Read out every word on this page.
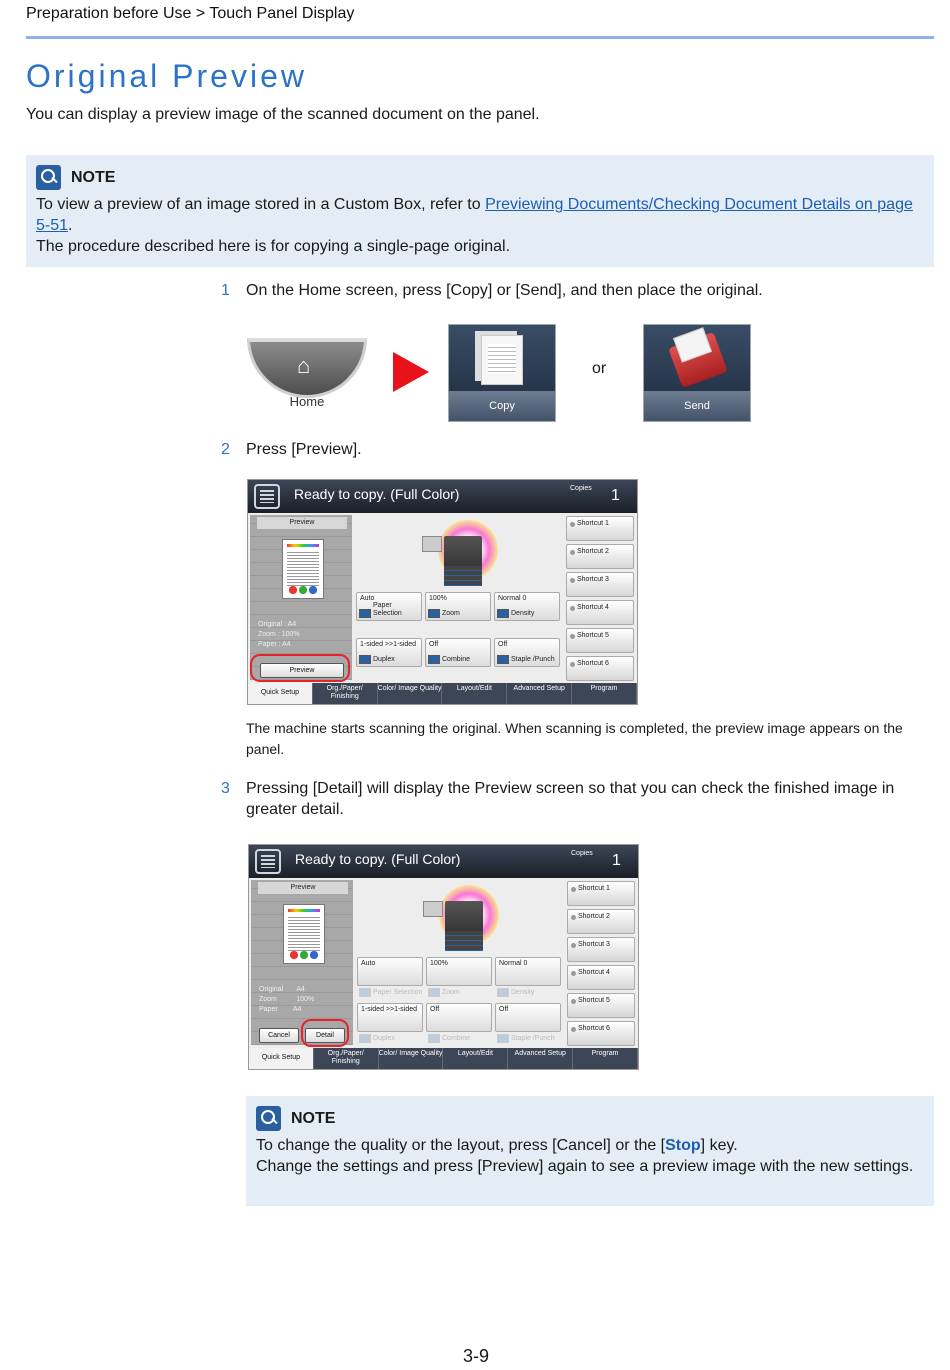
Preparation before Use > Touch Panel Display
Original Preview

You can display a preview image of the scanned document on the panel.

NOTE
To view a preview of an image stored in a Custom Box, refer to Previewing Documents/Checking Document Details on page 5-51.
The procedure described here is for copying a single-page original.
1 On the Home screen, press [Copy] or [Send], and then place the original.
⌂
Home	Copy
or
Send
2 Press [Preview].
Ready to copy. (Full Color)	Copies 1
Preview
Original : A4
Zoom : 100%
Paper : A4
Preview
Auto
Paper Selection
100%
Zoom
Normal 0
Density
1-sided >>1-sided
Duplex
Off
Combine
Off
Staple /Punch
Shortcut 1
Shortcut 2
Shortcut 3
Shortcut 4
Shortcut 5
Shortcut 6
Quick Setup
Org./Paper/ Finishing
Color/ Image Quality	Layout/Edit	Advanced Setup	Program

The machine starts scanning the original. When scanning is completed, the preview image appears on the panel.

3 Pressing [Detail] will display the Preview screen so that you can check the finished image in greater detail.
Ready to copy. (Full Color)	Copies 1
Preview
Original A4
Zoom	100%
Paper A4
Cancel	Detail
Auto	100%	Normal 0
Paper Selection	Zoom	Density
1-sided >>1-sided Off	Off
Duplex	Combine	Staple /Punch
Shortcut 1
Shortcut 2
Shortcut 3
Shortcut 4
Shortcut 5
Shortcut 6
Quick Setup
Org./Paper/ Finishing
Color/ Image Quality	Layout/Edit	Advanced Setup	Program
NOTE
To change the quality or the layout, press [Cancel] or the [Stop] key.
Change the settings and press [Preview] again to see a preview image with the new settings.
3-9
